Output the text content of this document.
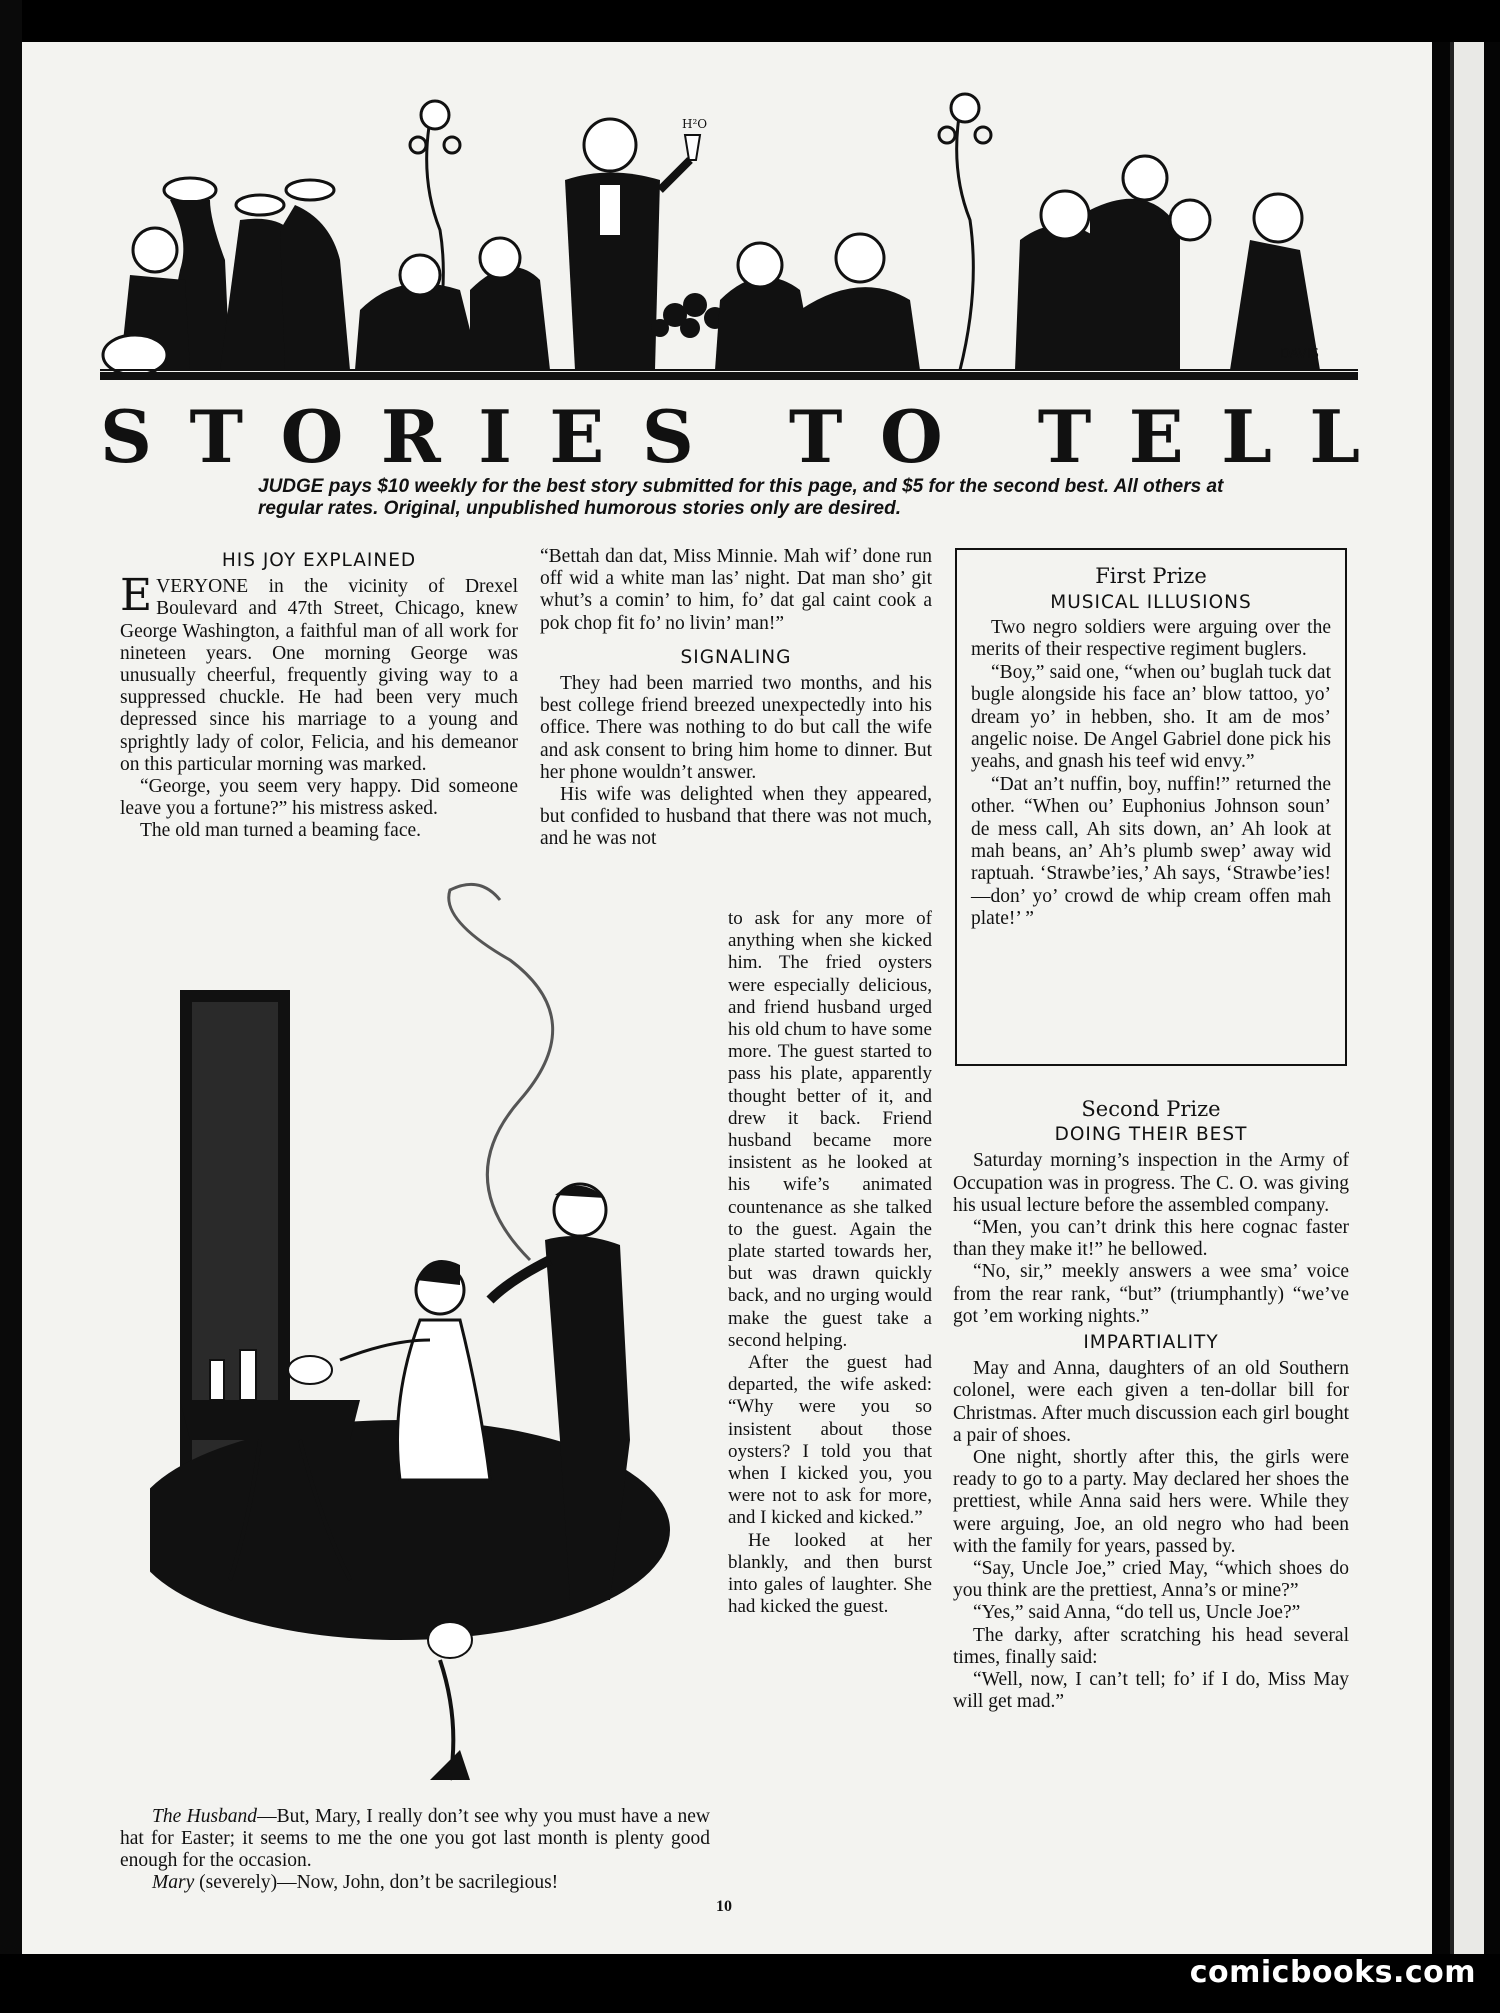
H²O
DAVIS
S T O R I E S T O T E L L
JUDGE pays $10 weekly for the best story submitted for this page, and $5 for the second best. All others at regular rates. Original, unpublished humorous stories only are desired.
HIS JOY EXPLAINED

EVERYONE in the vicinity of Drexel Boulevard and 47th Street, Chicago, knew George Washington, a faithful man of all work for nineteen years. One morning George was unusually cheerful, frequently giving way to a suppressed chuckle. He had been very much depressed since his marriage to a young and sprightly lady of color, Felicia, and his demeanor on this particular morning was marked.

“George, you seem very happy. Did someone leave you a fortune?” his mistress asked.

The old man turned a beaming face.

“Bettah dan dat, Miss Minnie. Mah wif’ done run off wid a white man las’ night. Dat man sho’ git whut’s a comin’ to him, fo’ dat gal caint cook a pok chop fit fo’ no livin’ man!”

SIGNALING

They had been married two months, and his best college friend breezed unexpectedly into his office. There was nothing to do but call the wife and ask consent to bring him home to dinner. But her phone wouldn’t answer.

His wife was delighted when they appeared, but confided to husband that there was not much, and he was not

to ask for any more of anything when she kicked him. The fried oysters were especially delicious, and friend husband urged his old chum to have some more. The guest started to pass his plate, apparently thought better of it, and drew it back. Friend husband became more insistent as he looked at his wife’s animated countenance as she talked to the guest. Again the plate started towards her, but was drawn quickly back, and no urging would make the guest take a second helping.

After the guest had departed, the wife asked: “Why were you so insistent about those oysters? I told you that when I kicked you, you were not to ask for more, and I kicked and kicked.”

He looked at her blankly, and then burst into gales of laughter. She had kicked the guest.

First Prize
MUSICAL ILLUSIONS

Two negro soldiers were arguing over the merits of their respective regiment buglers.

“Boy,” said one, “when ou’ buglah tuck dat bugle alongside his face an’ blow tattoo, yo’ dream yo’ in hebben, sho. It am de mos’ angelic noise. De Angel Gabriel done pick his yeahs, and gnash his teef wid envy.”

“Dat an’t nuffin, boy, nuffin!” returned the other. “When ou’ Euphonius Johnson soun’ de mess call, Ah sits down, an’ Ah look at mah beans, an’ Ah’s plumb swep’ away wid raptuah. ‘Strawbe’ies,’ Ah says, ‘Strawbe’ies!—don’ yo’ crowd de whip cream offen mah plate!’ ”

Second Prize
DOING THEIR BEST

Saturday morning’s inspection in the Army of Occupation was in progress. The C. O. was giving his usual lecture before the assembled company.

“Men, you can’t drink this here cognac faster than they make it!” he bellowed.

“No, sir,” meekly answers a wee sma’ voice from the rear rank, “but” (triumphantly) “we’ve got ’em working nights.”

IMPARTIALITY

May and Anna, daughters of an old Southern colonel, were each given a ten-dollar bill for Christmas. After much discussion each girl bought a pair of shoes.

One night, shortly after this, the girls were ready to go to a party. May declared her shoes the prettiest, while Anna said hers were. While they were arguing, Joe, an old negro who had been with the family for years, passed by.

“Say, Uncle Joe,” cried May, “which shoes do you think are the prettiest, Anna’s or mine?”

“Yes,” said Anna, “do tell us, Uncle Joe?”

The darky, after scratching his head several times, finally said:

“Well, now, I can’t tell; fo’ if I do, Miss May will get mad.”

The Husband—But, Mary, I really don’t see why you must have a new hat for Easter; it seems to me the one you got last month is plenty good enough for the occasion.

Mary (severely)—Now, John, don’t be sacrilegious!

10
comicbooks.com
